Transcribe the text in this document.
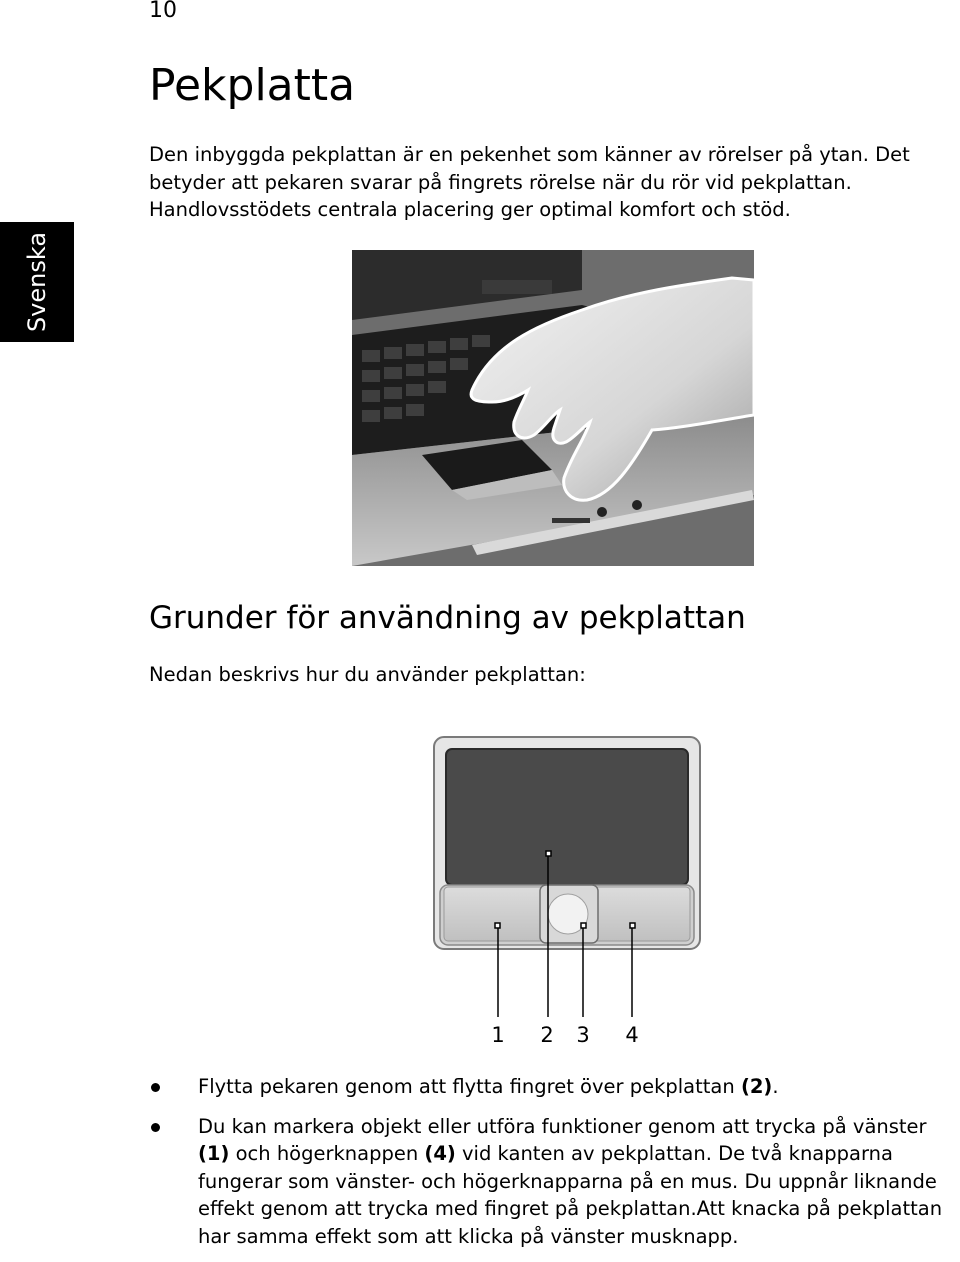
10
Svenska
Pekplatta

Den inbyggda pekplattan är en pekenhet som känner av rörelser på ytan. Det betyder att pekaren svarar på fingrets rörelse när du rör vid pekplattan. Handlovsstödets centrala placering ger optimal komfort och stöd.

Grunder för användning av pekplattan

Nedan beskrivs hur du använder pekplattan:

1 2 3 4
Flytta pekaren genom att flytta fingret över pekplattan (2).
Du kan markera objekt eller utföra funktioner genom att trycka på vänster (1) och högerknappen (4) vid kanten av pekplattan. De två knapparna fungerar som vänster- och högerknapparna på en mus. Du uppnår liknande effekt genom att trycka med fingret på pekplattan.Att knacka på pekplattan har samma effekt som att klicka på vänster musknapp.
